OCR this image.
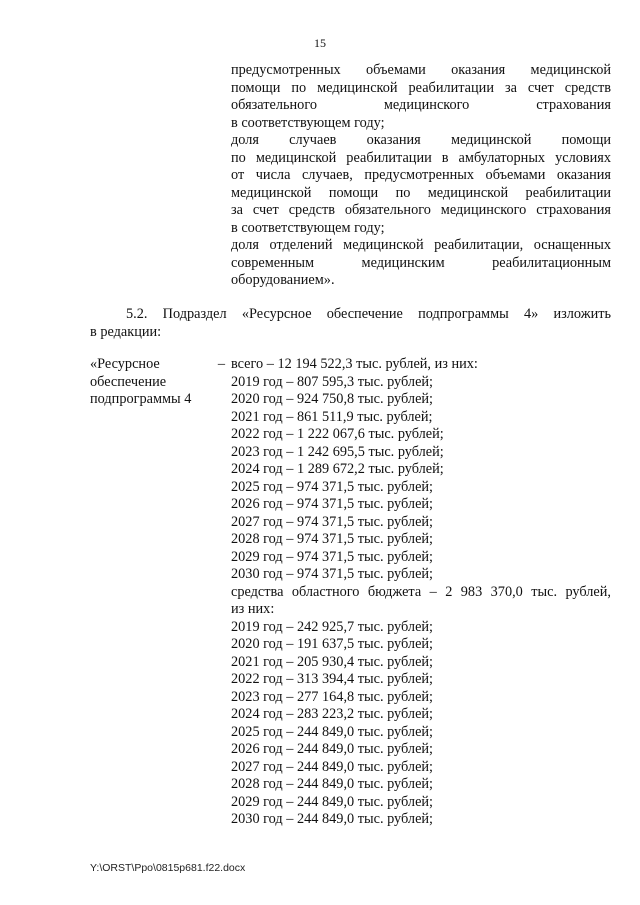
15
предусмотренных объемами оказания медицинской
помощи по медицинской реабилитации за счет средств
обязательного медицинского страхования
в соответствующем году;
доля случаев оказания медицинской помощи
по медицинской реабилитации в амбулаторных условиях
от числа случаев, предусмотренных объемами оказания
медицинской помощи по медицинской реабилитации
за счет средств обязательного медицинского страхования
в соответствующем году;
доля отделений медицинской реабилитации, оснащенных
современным медицинским реабилитационным
оборудованием».
5.2. Подраздел «Ресурсное обеспечение подпрограммы 4» изложить
в редакции:
«Ресурсное	–
обеспечение
подпрограммы 4
всего – 12 194 522,3 тыс. рублей, из них:
2019 год – 807 595,3 тыс. рублей;
2020 год – 924 750,8 тыс. рублей;
2021 год – 861 511,9 тыс. рублей;
2022 год – 1 222 067,6 тыс. рублей;
2023 год – 1 242 695,5 тыс. рублей;
2024 год – 1 289 672,2 тыс. рублей;
2025 год – 974 371,5 тыс. рублей;
2026 год – 974 371,5 тыс. рублей;
2027 год – 974 371,5 тыс. рублей;
2028 год – 974 371,5 тыс. рублей;
2029 год – 974 371,5 тыс. рублей;
2030 год – 974 371,5 тыс. рублей;
средства областного бюджета – 2 983 370,0 тыс. рублей,
из них:
2019 год – 242 925,7 тыс. рублей;
2020 год – 191 637,5 тыс. рублей;
2021 год – 205 930,4 тыс. рублей;
2022 год – 313 394,4 тыс. рублей;
2023 год – 277 164,8 тыс. рублей;
2024 год – 283 223,2 тыс. рублей;
2025 год – 244 849,0 тыс. рублей;
2026 год – 244 849,0 тыс. рублей;
2027 год – 244 849,0 тыс. рублей;
2028 год – 244 849,0 тыс. рублей;
2029 год – 244 849,0 тыс. рублей;
2030 год – 244 849,0 тыс. рублей;
Y:\ORST\Ppo\0815p681.f22.docx
